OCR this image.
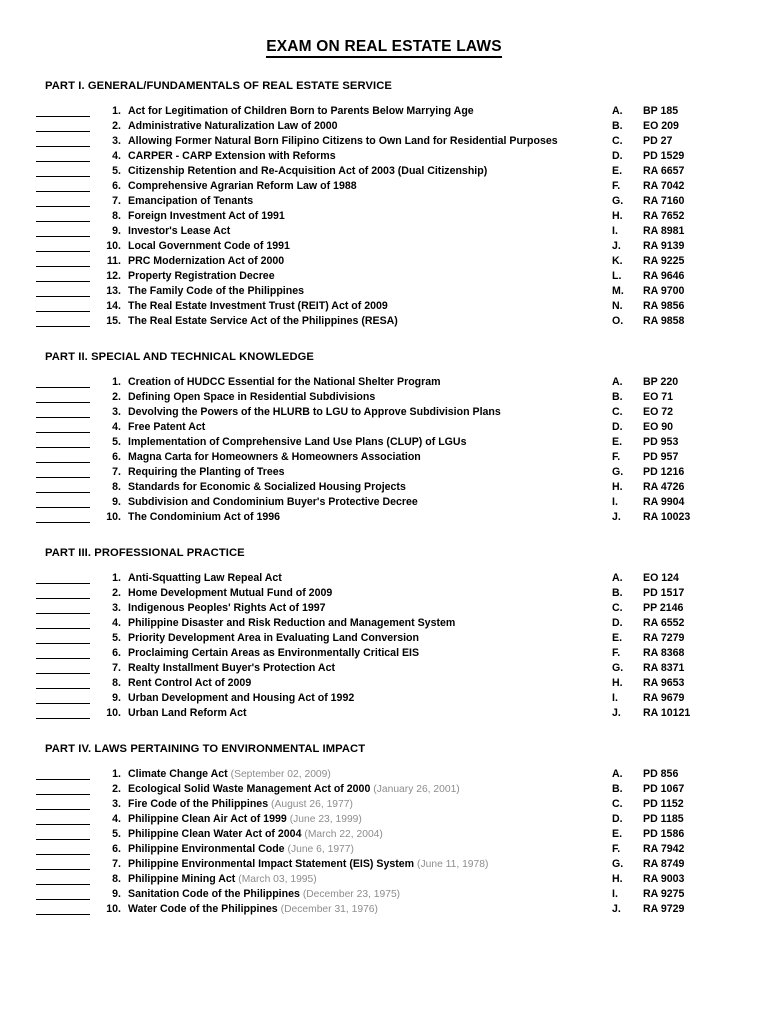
EXAM ON REAL ESTATE LAWS
PART I. GENERAL/FUNDAMENTALS OF REAL ESTATE SERVICE
1. Act for Legitimation of Children Born to Parents Below Marrying Age	A. BP 185
2. Administrative Naturalization Law of 2000	B. EO 209
3. Allowing Former Natural Born Filipino Citizens to Own Land for Residential Purposes	C. PD 27
4. CARPER - CARP Extension with Reforms	D. PD 1529
5. Citizenship Retention and Re-Acquisition Act of 2003 (Dual Citizenship)	E. RA 6657
6. Comprehensive Agrarian Reform Law of 1988	F. RA 7042
7. Emancipation of Tenants	G. RA 7160
8. Foreign Investment Act of 1991	H. RA 7652
9. Investor's Lease Act	I. RA 8981
10. Local Government Code of 1991	J. RA 9139
11. PRC Modernization Act of 2000	K. RA 9225
12. Property Registration Decree	L. RA 9646
13. The Family Code of the Philippines	M. RA 9700
14. The Real Estate Investment Trust (REIT) Act of 2009	N. RA 9856
15. The Real Estate Service Act of the Philippines (RESA)	O. RA 9858
PART II. SPECIAL AND TECHNICAL KNOWLEDGE
1. Creation of HUDCC Essential for the National Shelter Program	A. BP 220
2. Defining Open Space in Residential Subdivisions	B. EO 71
3. Devolving the Powers of the HLURB to LGU to Approve Subdivision Plans	C. EO 72
4. Free Patent Act	D. EO 90
5. Implementation of Comprehensive Land Use Plans (CLUP) of LGUs	E. PD 953
6. Magna Carta for Homeowners & Homeowners Association	F. PD 957
7. Requiring the Planting of Trees	G. PD 1216
8. Standards for Economic & Socialized Housing Projects	H. RA 4726
9. Subdivision and Condominium Buyer's Protective Decree	I. RA 9904
10. The Condominium Act of 1996	J. RA 10023
PART III. PROFESSIONAL PRACTICE
1. Anti-Squatting Law Repeal Act	A. EO 124
2. Home Development Mutual Fund of 2009	B. PD 1517
3. Indigenous Peoples' Rights Act of 1997	C. PP 2146
4. Philippine Disaster and Risk Reduction and Management System	D. RA 6552
5. Priority Development Area in Evaluating Land Conversion	E. RA 7279
6. Proclaiming Certain Areas as Environmentally Critical EIS	F. RA 8368
7. Realty Installment Buyer's Protection Act	G. RA 8371
8. Rent Control Act of 2009	H. RA 9653
9. Urban Development and Housing Act of 1992	I. RA 9679
10. Urban Land Reform Act	J. RA 10121
PART IV. LAWS PERTAINING TO ENVIRONMENTAL IMPACT
1. Climate Change Act (September 02, 2009)	A. PD 856
2. Ecological Solid Waste Management Act of 2000 (January 26, 2001)	B. PD 1067
3. Fire Code of the Philippines (August 26, 1977)	C. PD 1152
4. Philippine Clean Air Act of 1999 (June 23, 1999)	D. PD 1185
5. Philippine Clean Water Act of 2004 (March 22, 2004)	E. PD 1586
6. Philippine Environmental Code (June 6, 1977)	F. RA 7942
7. Philippine Environmental Impact Statement (EIS) System (June 11, 1978)	G. RA 8749
8. Philippine Mining Act (March 03, 1995)	H. RA 9003
9. Sanitation Code of the Philippines (December 23, 1975)	I. RA 9275
10. Water Code of the Philippines (December 31, 1976)	J. RA 9729
